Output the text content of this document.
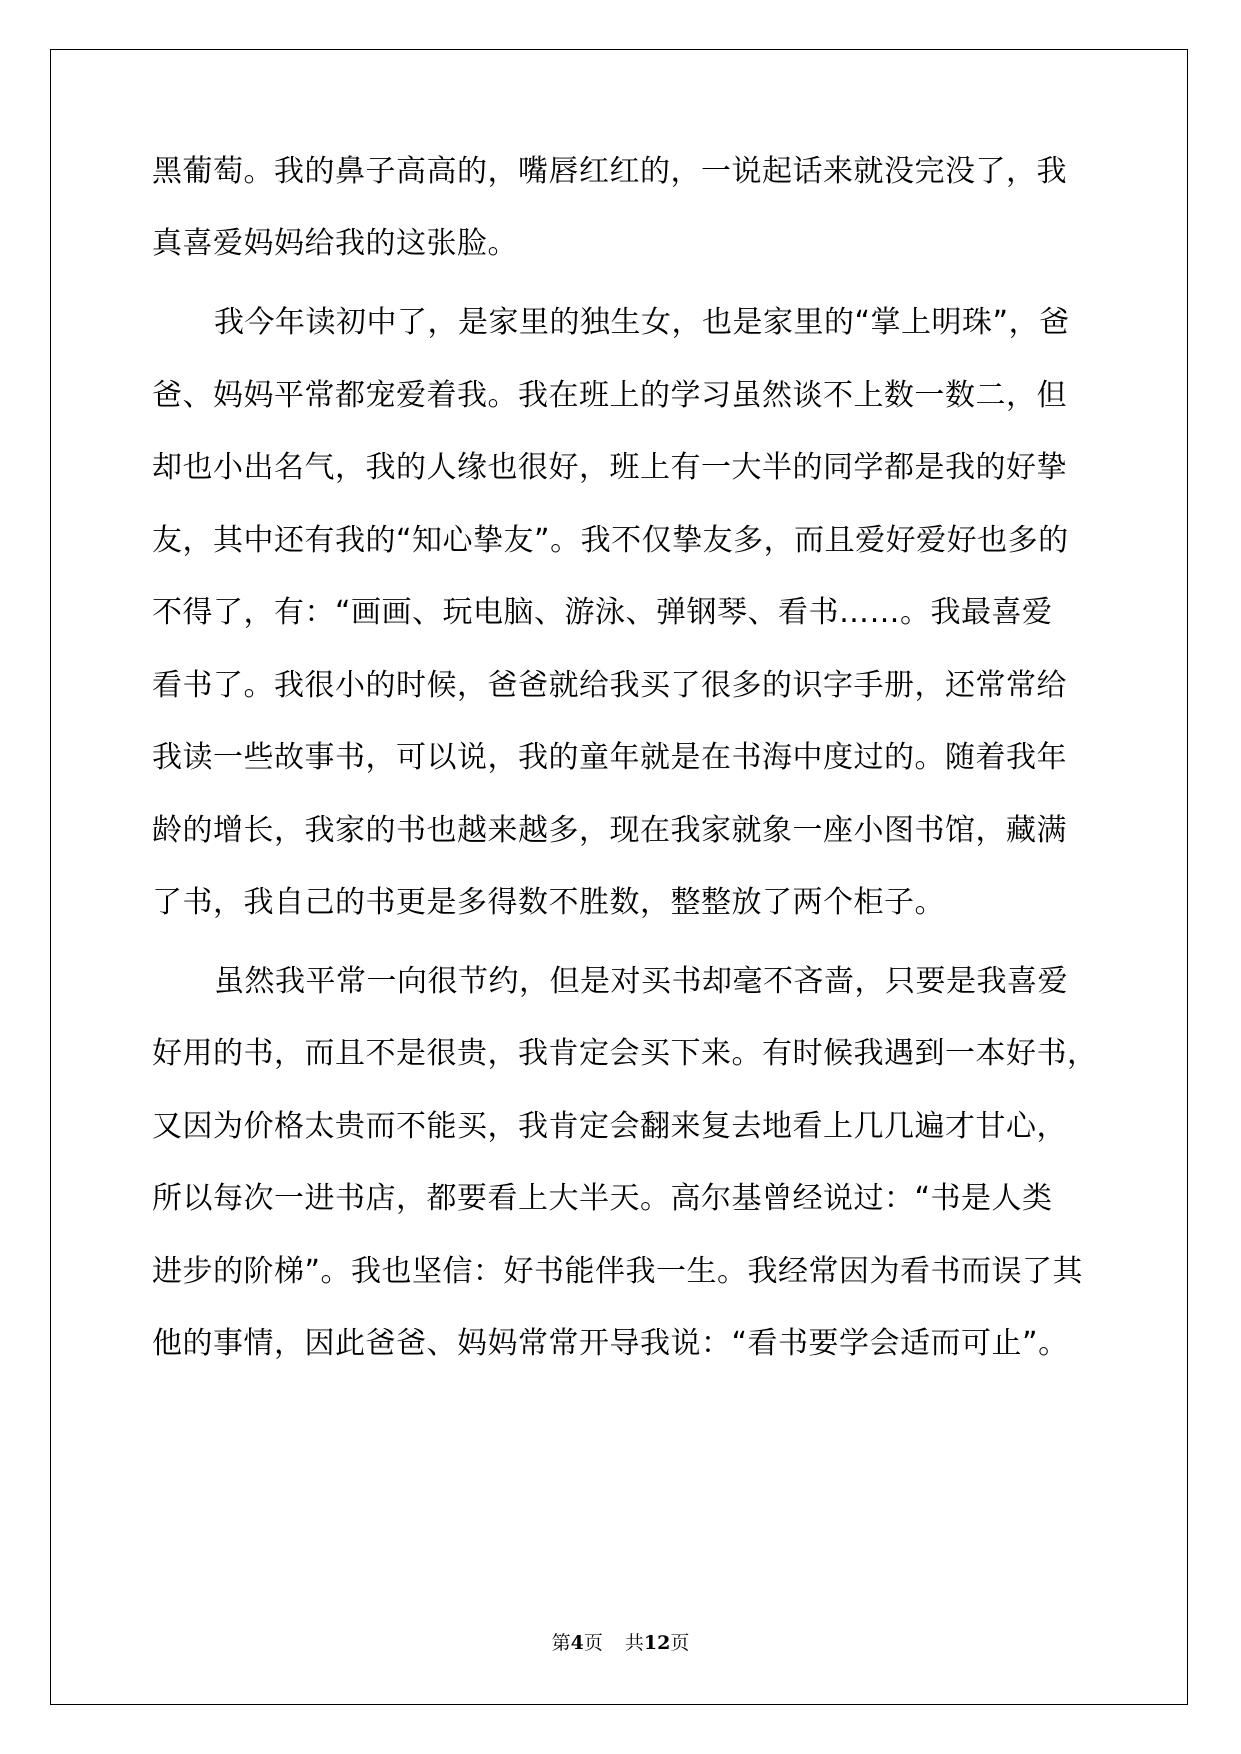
黑葡萄。我的鼻子高高的，嘴唇红红的，一说起话来就没完没了，我
真喜爱妈妈给我的这张脸。
我今年读初中了，是家里的独生女，也是家里的“掌上明珠”，爸
爸、妈妈平常都宠爱着我。我在班上的学习虽然谈不上数一数二，但
却也小出名气，我的人缘也很好，班上有一大半的同学都是我的好挚
友，其中还有我的“知心挚友”。我不仅挚友多，而且爱好爱好也多的
不得了，有：“画画、玩电脑、游泳、弹钢琴、看书……。我最喜爱
看书了。我很小的时候，爸爸就给我买了很多的识字手册，还常常给
我读一些故事书，可以说，我的童年就是在书海中度过的。随着我年
龄的增长，我家的书也越来越多，现在我家就象一座小图书馆，藏满
了书，我自己的书更是多得数不胜数，整整放了两个柜子。
虽然我平常一向很节约，但是对买书却毫不吝啬，只要是我喜爱
好用的书，而且不是很贵，我肯定会买下来。有时候我遇到一本好书，
又因为价格太贵而不能买，我肯定会翻来复去地看上几几遍才甘心，
所以每次一进书店，都要看上大半天。高尔基曾经说过：“书是人类
进步的阶梯”。我也坚信：好书能伴我一生。我经常因为看书而误了其
他的事情，因此爸爸、妈妈常常开导我说：“看书要学会适而可止”。
第4页 共12页
